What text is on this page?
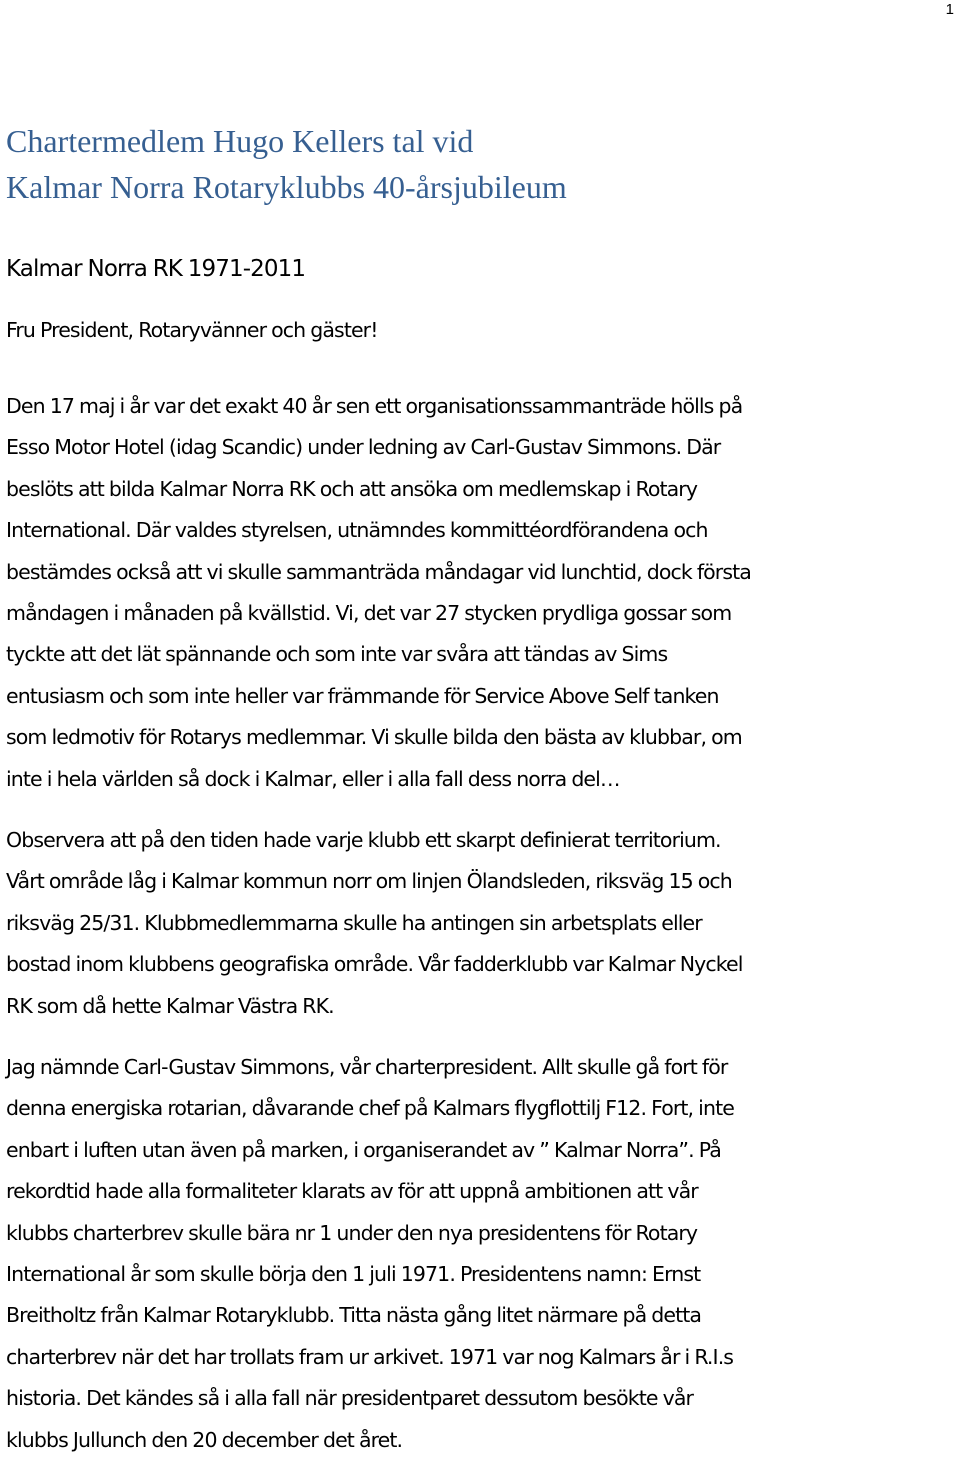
1
Chartermedlem Hugo Kellers tal vid
Kalmar Norra Rotaryklubbs 40-årsjubileum
Kalmar Norra RK 1971-2011
Fru President, Rotaryvänner och gäster!
Den 17 maj i år var det exakt 40 år sen ett organisationssammanträde hölls på
Esso Motor Hotel (idag Scandic) under ledning av Carl-Gustav Simmons. Där
beslöts att bilda Kalmar Norra RK och att ansöka om medlemskap i Rotary
International. Där valdes styrelsen, utnämndes kommittéordförandena och
bestämdes också att vi skulle sammanträda måndagar vid lunchtid, dock första
måndagen i månaden på kvällstid. Vi, det var 27 stycken prydliga gossar som
tyckte att det lät spännande och som inte var svåra att tändas av Sims
entusiasm och som inte heller var främmande för Service Above Self tanken
som ledmotiv för Rotarys medlemmar. Vi skulle bilda den bästa av klubbar, om
inte i hela världen så dock i Kalmar, eller i alla fall dess norra del…
Observera att på den tiden hade varje klubb ett skarpt definierat territorium.
Vårt område låg i Kalmar kommun norr om linjen Ölandsleden, riksväg 15 och
riksväg 25/31. Klubbmedlemmarna skulle ha antingen sin arbetsplats eller
bostad inom klubbens geografiska område. Vår fadderklubb var Kalmar Nyckel
RK som då hette Kalmar Västra RK.
Jag nämnde Carl-Gustav Simmons, vår charterpresident. Allt skulle gå fort för
denna energiska rotarian, dåvarande chef på Kalmars flygflottilj F12. Fort, inte
enbart i luften utan även på marken, i organiserandet av ” Kalmar Norra”. På
rekordtid hade alla formaliteter klarats av för att uppnå ambitionen att vår
klubbs charterbrev skulle bära nr 1 under den nya presidentens för Rotary
International år som skulle börja den 1 juli 1971. Presidentens namn: Ernst
Breitholtz från Kalmar Rotaryklubb. Titta nästa gång litet närmare på detta
charterbrev när det har trollats fram ur arkivet. 1971 var nog Kalmars år i R.I.s
historia. Det kändes så i alla fall när presidentparet dessutom besökte vår
klubbs Jullunch den 20 december det året.
